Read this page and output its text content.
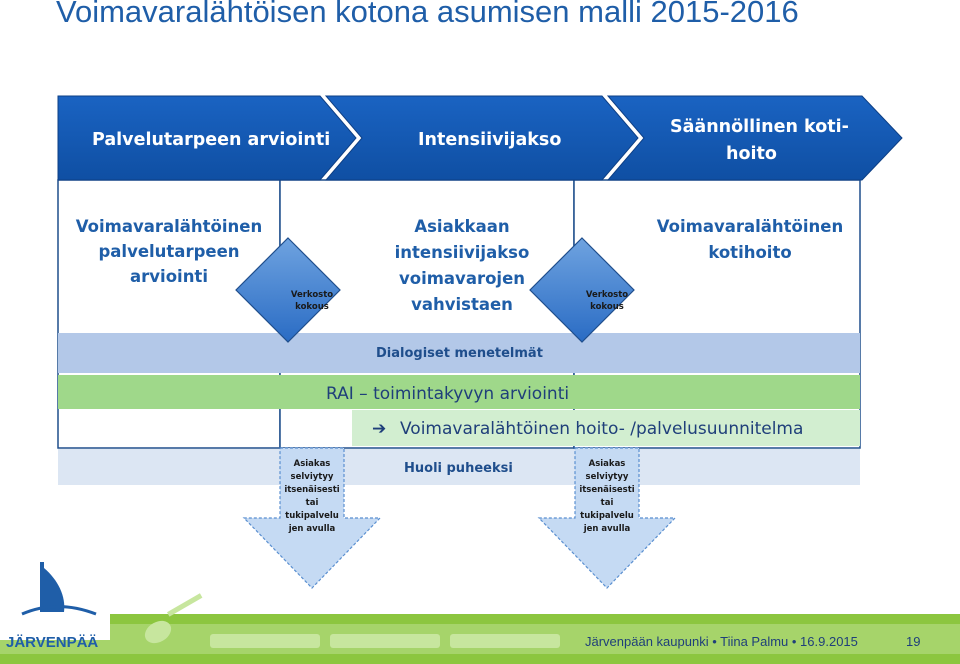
Voimavaralähtöisen kotona asumisen malli 2015-2016
Palvelutarpeen arviointi	Intensiivijakso
Säännöllinen koti-
hoito
Voimavaralähtöinen
palvelutarpeen
arviointi
Asiakkaan
intensiivijakso
voimavarojen
vahvistaen
Voimavaralähtöinen
kotihoito
Dialogiset menetelmät
RAI – toimintakyvyn arviointi
➔ Voimavaralähtöinen hoito- /palvelusuunnitelma
Huoli puheeksi
Verkosto
kokous
Verkosto
kokous
Asiakas
selviytyy
itsenäisesti
tai
tukipalvelu
jen avulla
Asiakas
selviytyy
itsenäisesti
tai
tukipalvelu
jen avulla
JÄRVENPÄÄ	Järvenpään kaupunki • Tiina Palmu • 16.9.2015	19
